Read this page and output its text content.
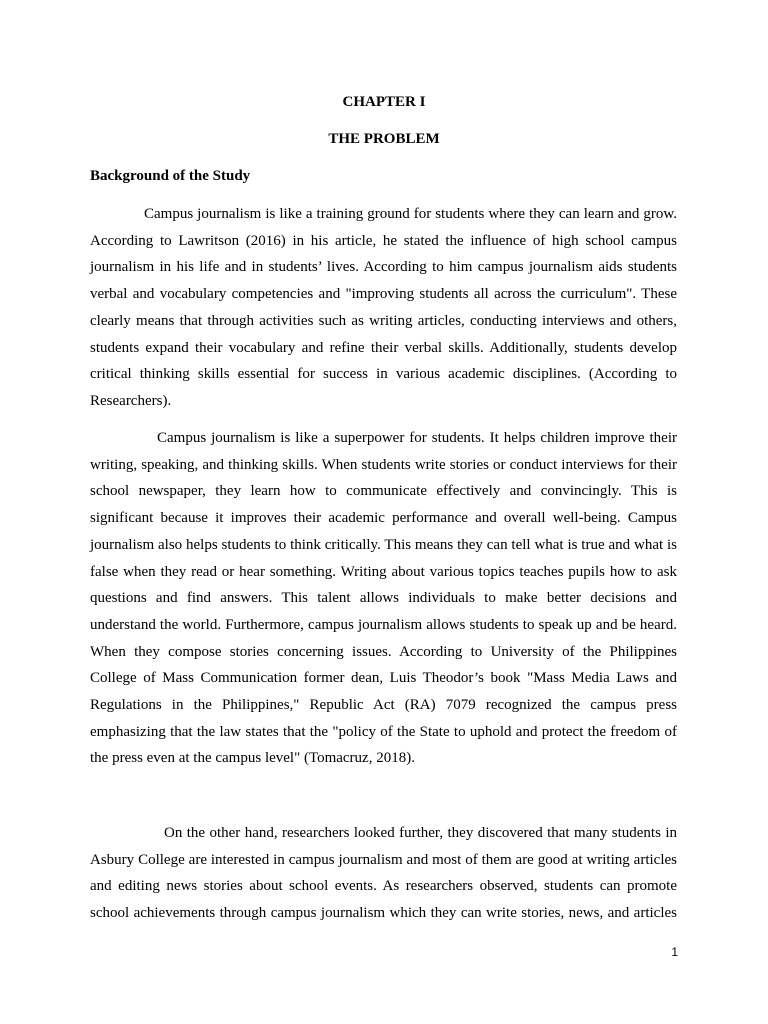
CHAPTER I
THE PROBLEM
Background of the Study

Campus journalism is like a training ground for students where they can learn and grow. According to Lawritson (2016) in his article, he stated the influence of high school campus journalism in his life and in students’ lives. According to him campus journalism aids students verbal and vocabulary competencies and "improving students all across the curriculum". These clearly means that through activities such as writing articles, conducting interviews and others, students expand their vocabulary and refine their verbal skills. Additionally, students develop critical thinking skills essential for success in various academic disciplines. (According to Researchers).

Campus journalism is like a superpower for students. It helps children improve their writing, speaking, and thinking skills. When students write stories or conduct interviews for their school newspaper, they learn how to communicate effectively and convincingly. This is significant because it improves their academic performance and overall well-being. Campus journalism also helps students to think critically. This means they can tell what is true and what is false when they read or hear something. Writing about various topics teaches pupils how to ask questions and find answers. This talent allows individuals to make better decisions and understand the world. Furthermore, campus journalism allows students to speak up and be heard. When they compose stories concerning issues. According to University of the Philippines College of Mass Communication former dean, Luis Theodor’s book "Mass Media Laws and Regulations in the Philippines," Republic Act (RA) 7079 recognized the campus press emphasizing that the law states that the "policy of the State to uphold and protect the freedom of the press even at the campus level" (Tomacruz, 2018).

On the other hand, researchers looked further, they discovered that many students in Asbury College are interested in campus journalism and most of them are good at writing articles and editing news stories about school events. As researchers observed, students can promote school achievements through campus journalism which they can write stories, news, and articles

1
